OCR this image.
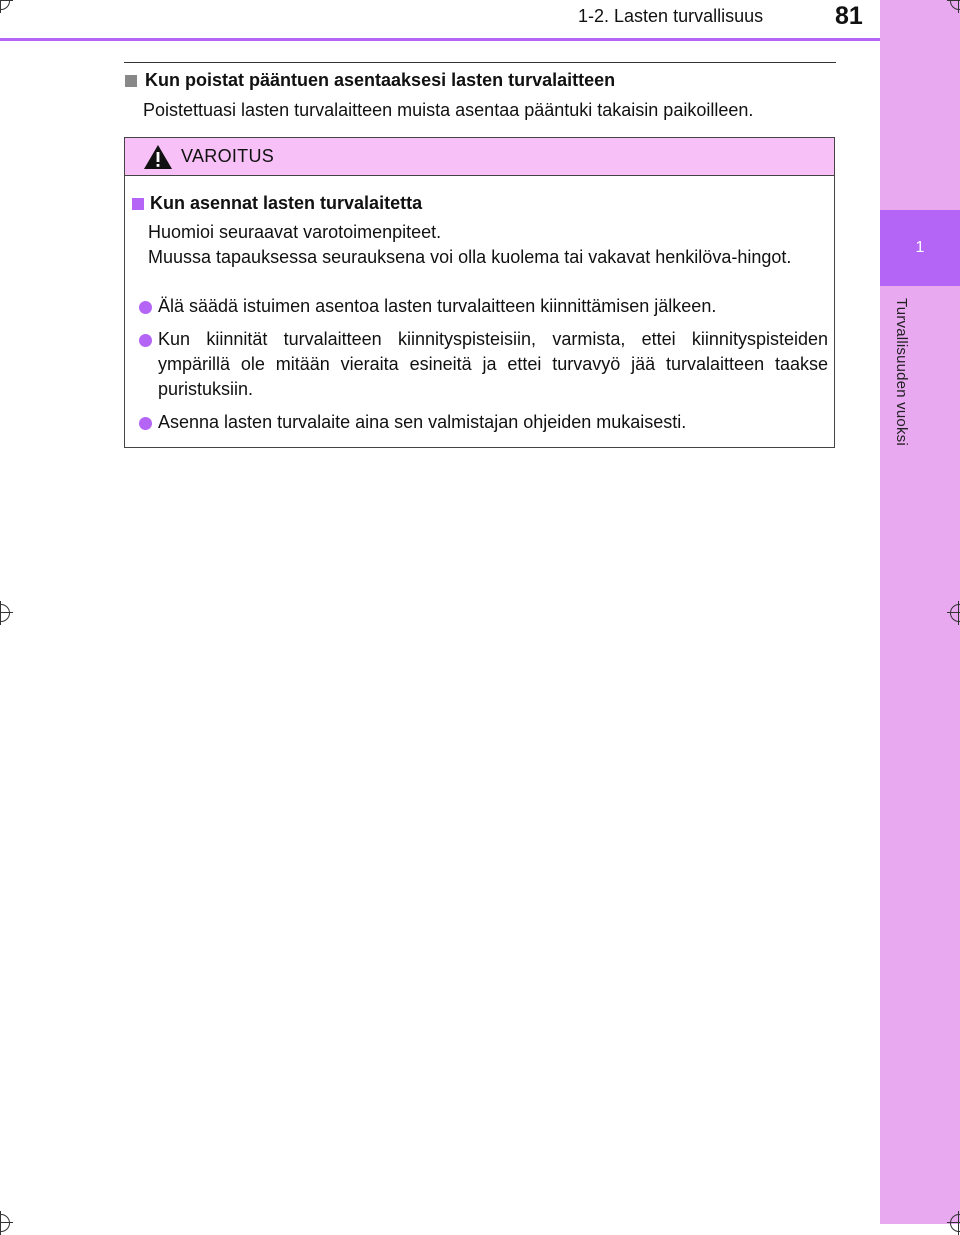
1
Turvallisuuden vuoksi
1-2. Lasten turvallisuus	81
Kun poistat pääntuen asentaaksesi lasten turvalaitteen
Poistettuasi lasten turvalaitteen muista asentaa pääntuki takaisin paikoilleen.
VAROITUS
Kun asennat lasten turvalaitetta

Huomioi seuraavat varotoimenpiteet.

Muussa tapauksessa seurauksena voi olla kuolema tai vakavat henkilöva-hingot.

Älä säädä istuimen asentoa lasten turvalaitteen kiinnittämisen jälkeen.
Kun kiinnität turvalaitteen kiinnityspisteisiin, varmista, ettei kiinnityspisteiden ympärillä ole mitään vieraita esineitä ja ettei turvavyö jää turvalaitteen taakse puristuksiin.
Asenna lasten turvalaite aina sen valmistajan ohjeiden mukaisesti.
